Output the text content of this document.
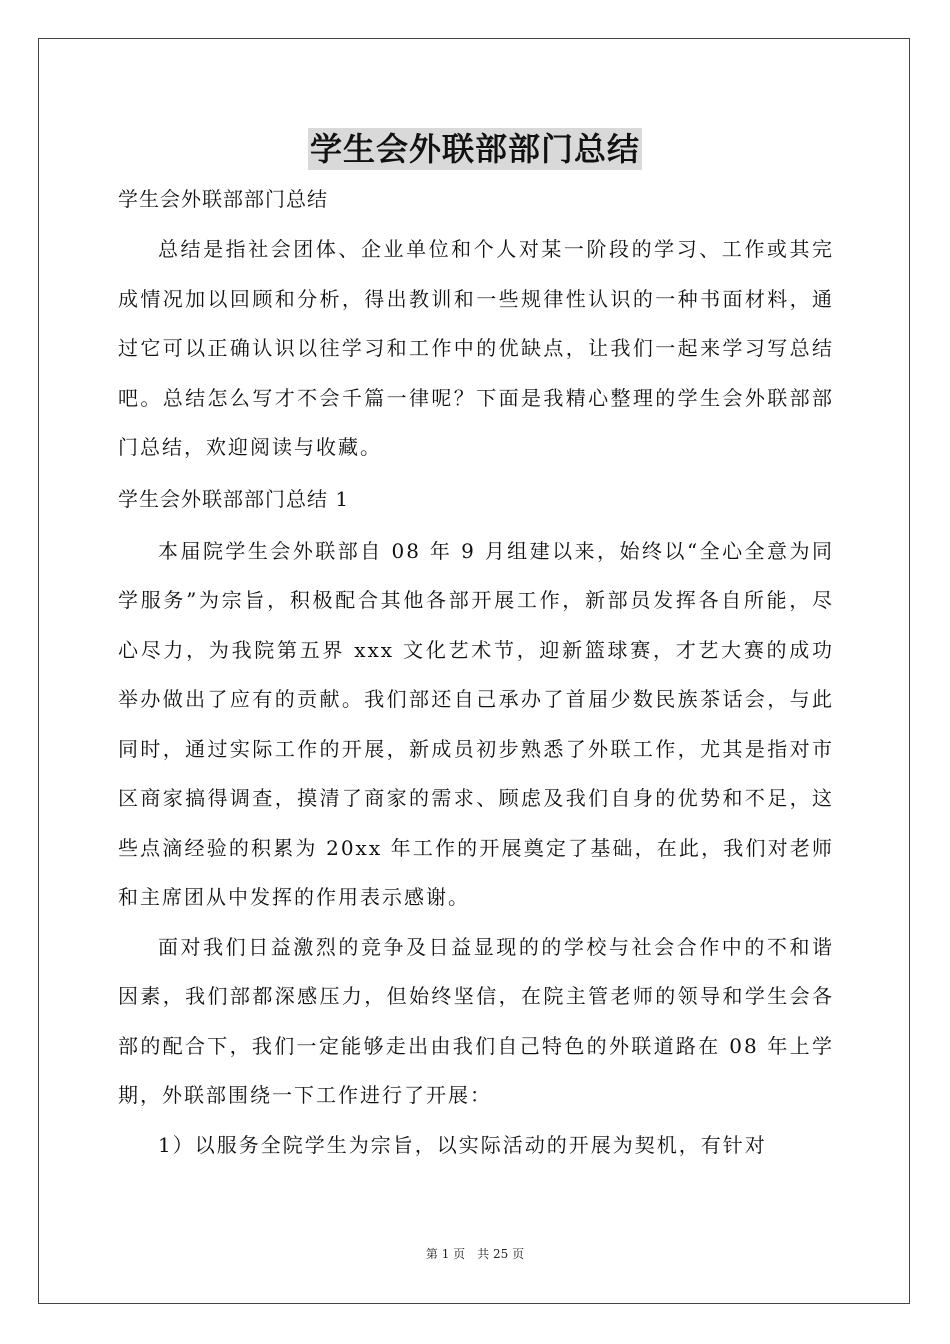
学生会外联部部门总结

学生会外联部部门总结

总结是指社会团体、企业单位和个人对某一阶段的学习、工作或其完成情况加以回顾和分析，得出教训和一些规律性认识的一种书面材料，通过它可以正确认识以往学习和工作中的优缺点，让我们一起来学习写总结吧。总结怎么写才不会千篇一律呢？下面是我精心整理的学生会外联部部门总结，欢迎阅读与收藏。

学生会外联部部门总结 1

本届院学生会外联部自 08 年 9 月组建以来，始终以“全心全意为同学服务”为宗旨，积极配合其他各部开展工作，新部员发挥各自所能，尽心尽力，为我院第五界 xxx 文化艺术节，迎新篮球赛，才艺大赛的成功举办做出了应有的贡献。我们部还自己承办了首届少数民族茶话会，与此同时，通过实际工作的开展，新成员初步熟悉了外联工作，尤其是指对市区商家搞得调查，摸清了商家的需求、顾虑及我们自身的优势和不足，这些点滴经验的积累为 20xx 年工作的开展奠定了基础，在此，我们对老师和主席团从中发挥的作用表示感谢。

面对我们日益激烈的竞争及日益显现的的学校与社会合作中的不和谐因素，我们部都深感压力，但始终坚信，在院主管老师的领导和学生会各部的配合下，我们一定能够走出由我们自己特色的外联道路在 08 年上学期，外联部围绕一下工作进行了开展：

1）以服务全院学生为宗旨，以实际活动的开展为契机，有针对

第 1 页　共 25 页
